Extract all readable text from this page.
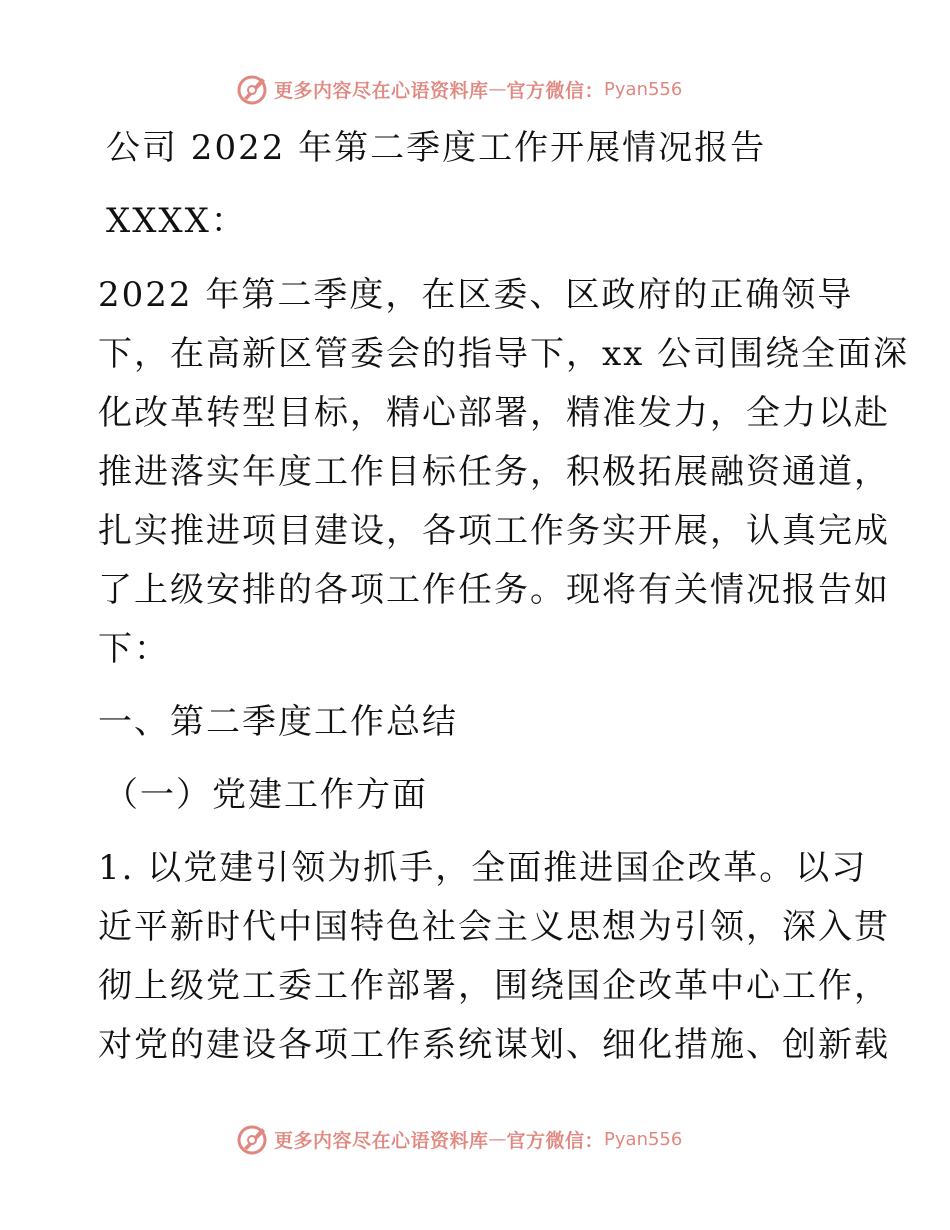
更多内容尽在心语资料库 — 官方微信： Pyan556

公司 2022 年第二季度工作开展情况报告

XXXX：

2022 年第二季度，在区委、区政府的正确领导

下，在高新区管委会的指导下，xx 公司围绕全面深

化改革转型目标，精心部署，精准发力，全力以赴

推进落实年度工作目标任务，积极拓展融资通道，

扎实推进项目建设，各项工作务实开展，认真完成

了上级安排的各项工作任务。现将有关情况报告如

下：

一、第二季度工作总结

（一）党建工作方面

1. 以党建引领为抓手，全面推进国企改革。以习

近平新时代中国特色社会主义思想为引领，深入贯

彻上级党工委工作部署，围绕国企改革中心工作，

对党的建设各项工作系统谋划、细化措施、创新载

更多内容尽在心语资料库 — 官方微信： Pyan556
